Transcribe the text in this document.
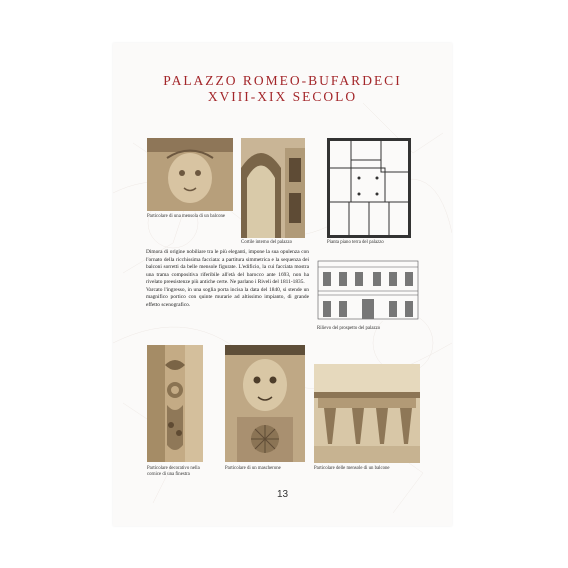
PALAZZO ROMEO-BUFARDECI
XVIII-XIX SECOLO
Particolare di una mensola di un balcone
Cortile interno del palazzo	Pianta piano terra del palazzo
Rilievo del prospetto del palazzo

Dimora di origine nobiliare tra le più eleganti, impone la sua opulenza con l'ornato della ricchissima facciata: a partitura simmetrica e la sequenza dei balconi sorretti da belle mensole figurate. L'edificio, la cui facciata mostra una trama compositiva riferibile all'età del barocco ante 1693, non ha rivelato preesistenze più antiche certe. Ne parlano i Riveli del 1811-1835.

Varcato l'ingresso, in una soglia porta incisa la data del 1840, si stende un magnifico portico con quinte murarie ad altissimo impianto, di grande effetto scenografico.

Particolare decorativo nella cornice di una finestra
Particolare di un mascherone	Particolare delle mensole di un balcone
13
